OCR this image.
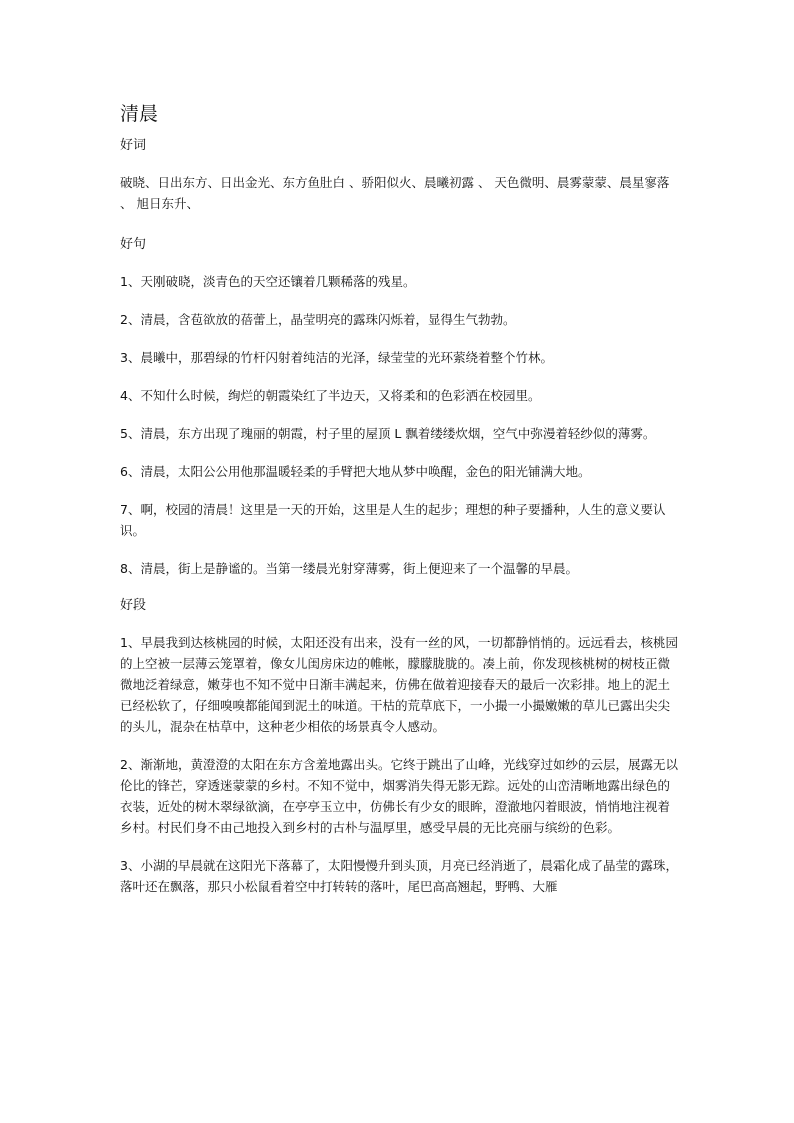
清晨
好词

破晓、日出东方、日出金光、东方鱼肚白 、骄阳似火、晨曦初露 、 天色微明、晨雾蒙蒙、晨星寥落 、 旭日东升、

好句

1、天刚破晓，淡青色的天空还镶着几颗稀落的残星。

2、清晨，含苞欲放的蓓蕾上，晶莹明亮的露珠闪烁着，显得生气勃勃。

3、晨曦中，那碧绿的竹杆闪射着纯洁的光泽，绿莹莹的光环萦绕着整个竹林。

4、不知什么时候，绚烂的朝霞染红了半边天，又将柔和的色彩洒在校园里。

5、清晨，东方出现了瑰丽的朝霞，村子里的屋顶 L 飘着缕缕炊烟，空气中弥漫着轻纱似的薄雾。

6、清晨，太阳公公用他那温暖轻柔的手臂把大地从梦中唤醒，金色的阳光铺满大地。

7、啊，校园的清晨！这里是一天的开始，这里是人生的起步；理想的种子要播种，人生的意义要认识。

8、清晨，街上是静谧的。当第一缕晨光射穿薄雾，街上便迎来了一个温馨的早晨。

好段

1、早晨我到达核桃园的时候，太阳还没有出来，没有一丝的风，一切都静悄悄的。远远看去，核桃园的上空被一层薄云笼罩着，像女儿闺房床边的帷帐，朦朦胧胧的。凑上前，你发现核桃树的树枝正微微地泛着绿意，嫩芽也不知不觉中日渐丰满起来，仿佛在做着迎接春天的最后一次彩排。地上的泥土已经松软了，仔细嗅嗅都能闻到泥土的味道。干枯的荒草底下，一小撮一小撮嫩嫩的草儿已露出尖尖的头儿，混杂在枯草中，这种老少相依的场景真令人感动。

2、渐渐地，黄澄澄的太阳在东方含羞地露出头。它终于跳出了山峰，光线穿过如纱的云层，展露无以伦比的锋芒，穿透迷蒙蒙的乡村。不知不觉中，烟雾消失得无影无踪。远处的山峦清晰地露出绿色的衣装，近处的树木翠绿欲滴，在亭亭玉立中，仿佛长有少女的眼眸，澄澈地闪着眼波，悄悄地注视着乡村。村民们身不由己地投入到乡村的古朴与温厚里，感受早晨的无比亮丽与缤纷的色彩。

3、小湖的早晨就在这阳光下落幕了，太阳慢慢升到头顶，月亮已经消逝了，晨霜化成了晶莹的露珠，落叶还在飘落，那只小松鼠看着空中打转转的落叶，尾巴高高翘起，野鸭、大雁
